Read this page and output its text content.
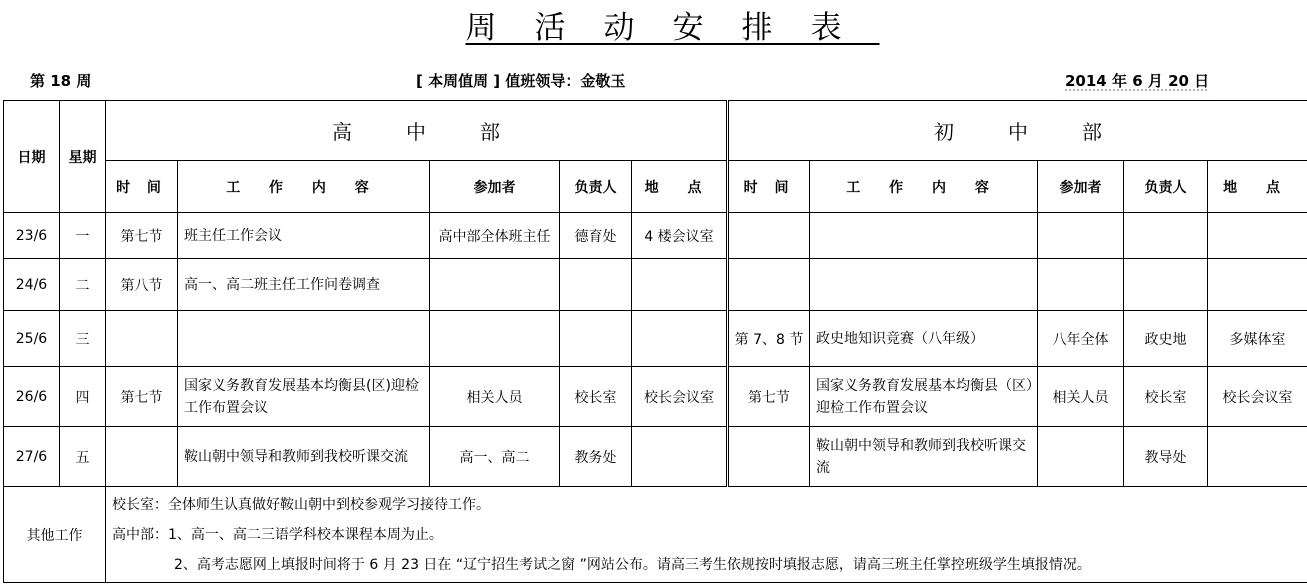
周活动安排表
第 18 周	[ 本周值周 ] 值班领导：金敬玉	2014 年 6 月 20 日
日期	星期	高中部					初中部				
		时 间	工 作 内 容	参加者	负责人	地 点	时 间	工 作 内 容	参加者	负责人	地 点
23/6	一	第七节	班主任工作会议	高中部全体班主任	德育处	4 楼会议室					
24/6	二	第八节	高一、高二班主任工作问卷调查								
25/6	三						第 7、8 节	政史地知识竞赛（八年级）	八年全体	政史地	多媒体室
26/6	四	第七节	国家义务教育发展基本均衡县(区)迎检工作布置会议	相关人员	校长室	校长会议室	第七节	国家义务教育发展基本均衡县（区）迎检工作布置会议	相关人员	校长室	校长会议室
27/6	五		鞍山朝中领导和教师到我校听课交流	高一、高二	教务处			鞍山朝中领导和教师到我校听课交流		教导处	
其他工作		校长室：全体师生认真做好鞍山朝中到校参观学习接待工作。
高中部：1、高一、高二三语学科校本课程本周为止。
2、高考志愿网上填报时间将于 6 月 23 日在 “辽宁招生考试之窗 ”网站公布。请高三考生依规按时填报志愿，请高三班主任掌控班级学生填报情况。									
